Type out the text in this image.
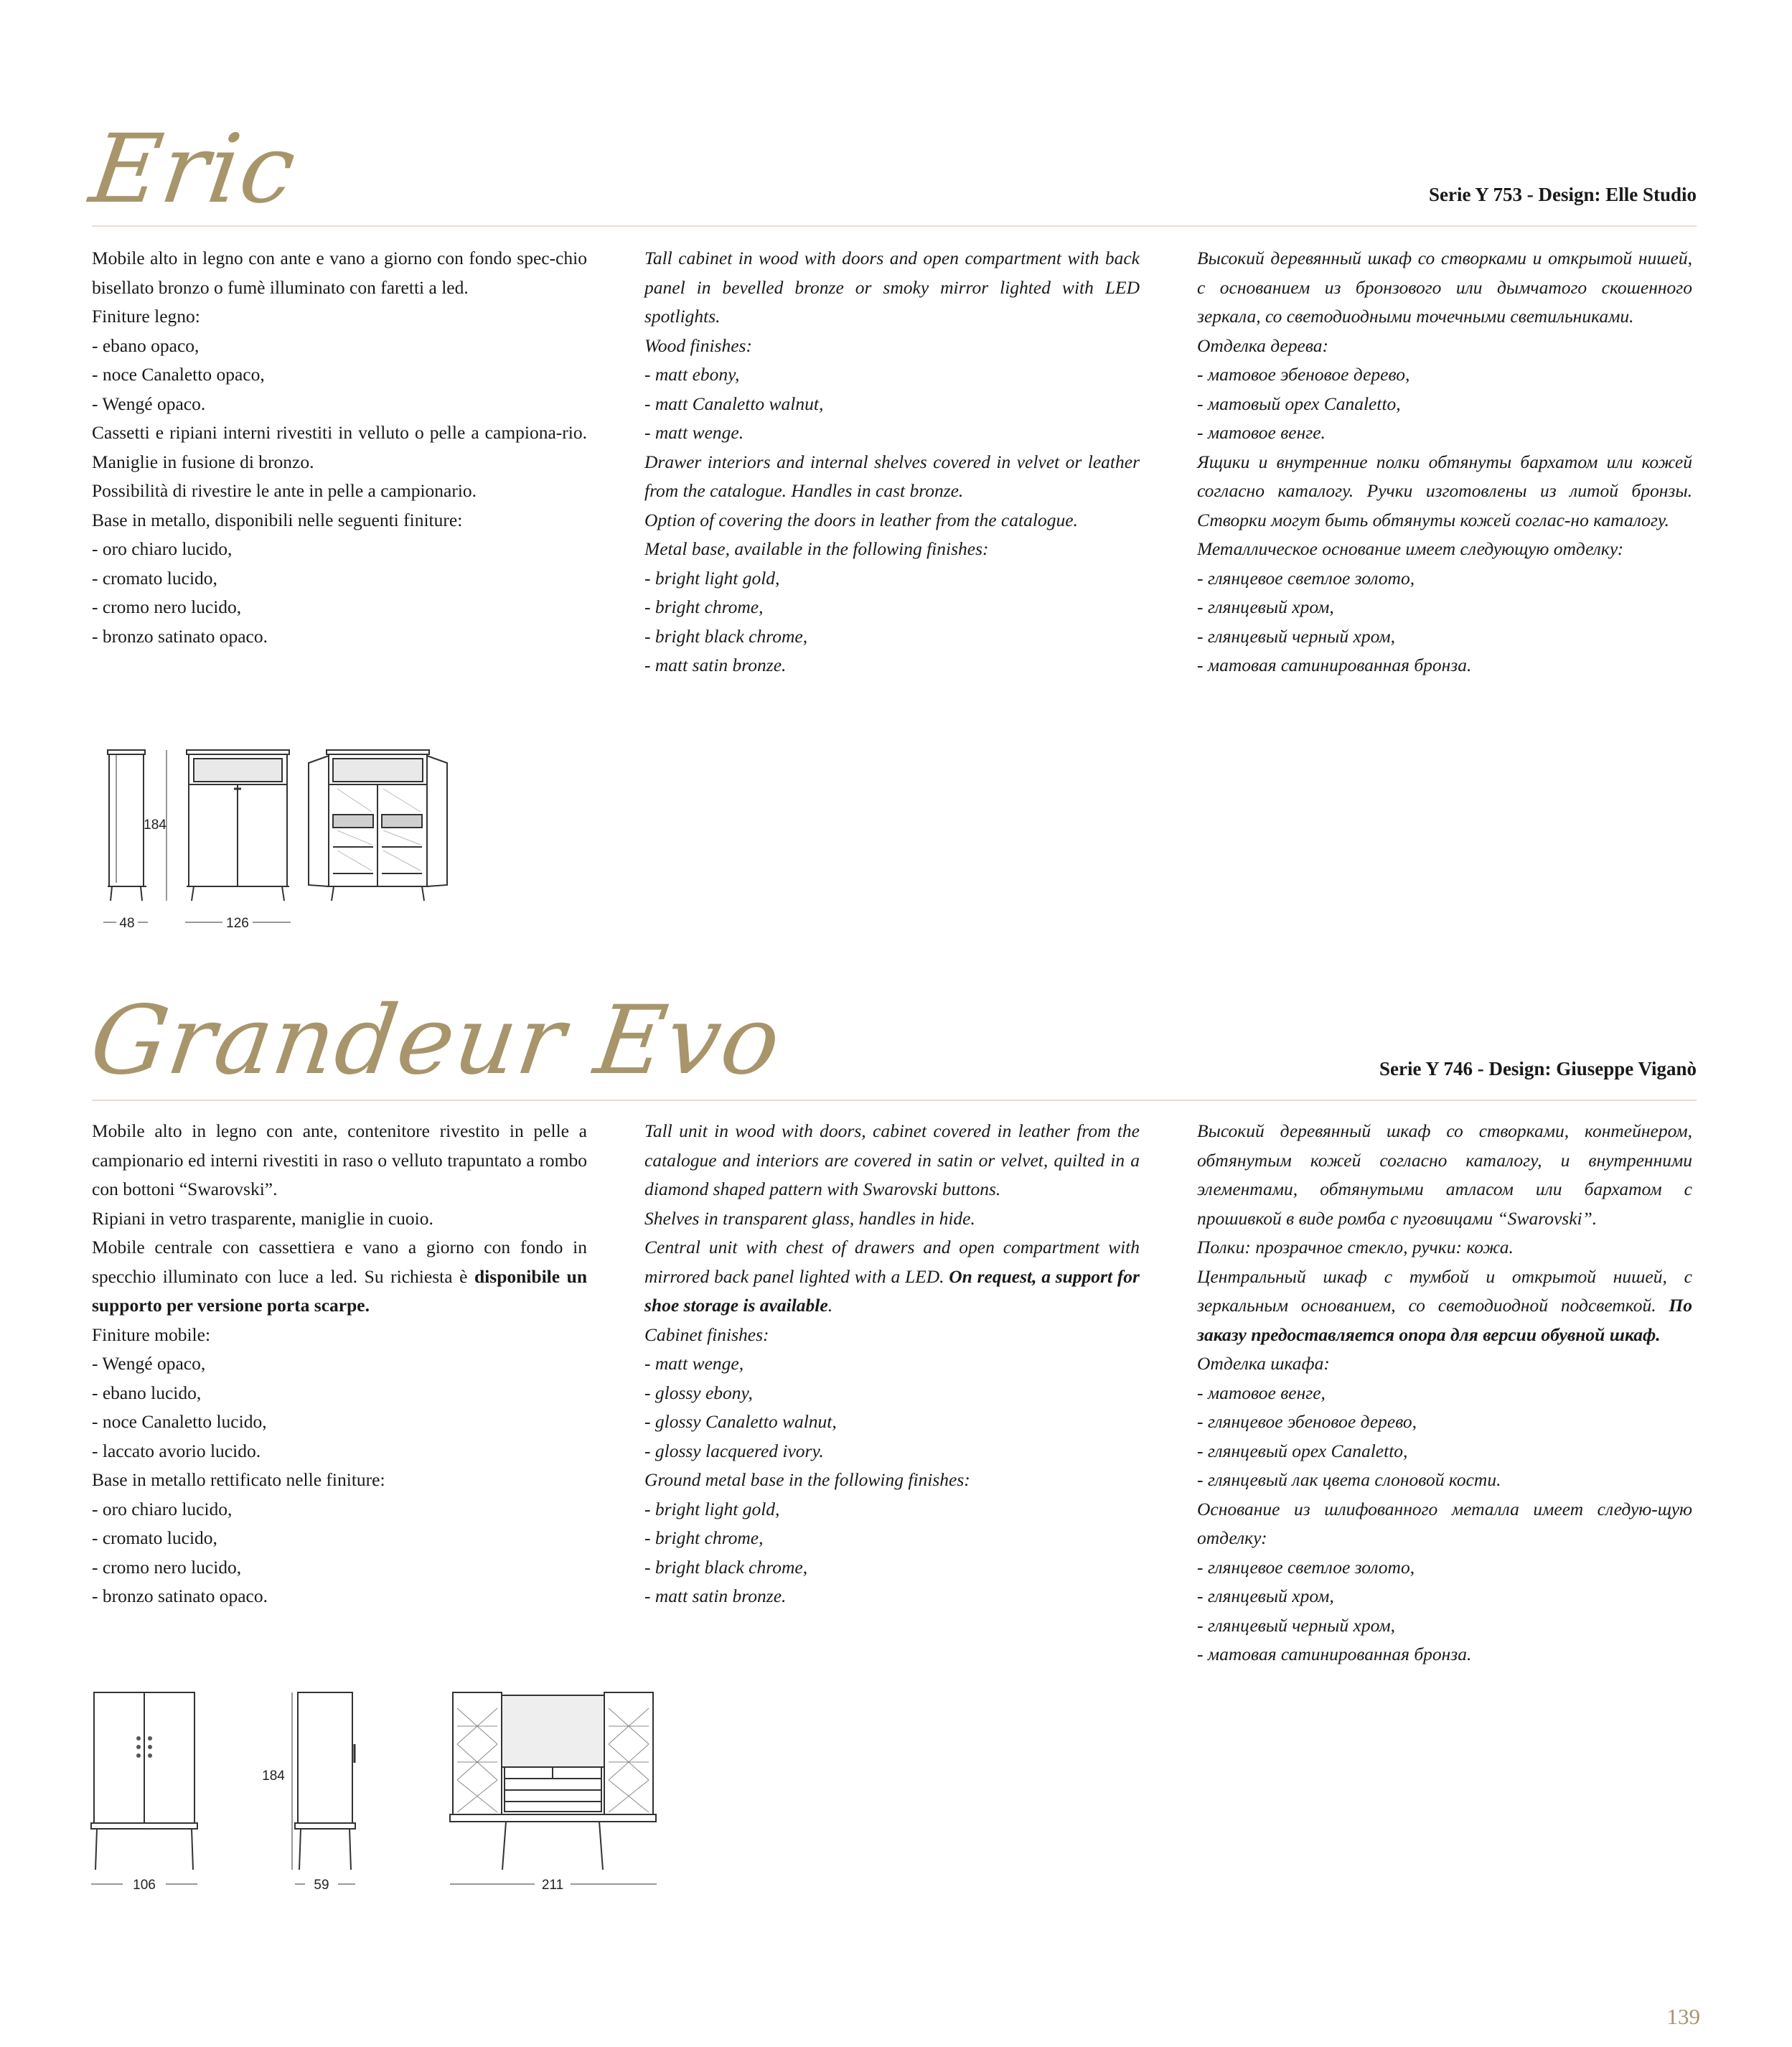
Eric	Serie Y 753 - Design: Elle Studio

Mobile alto in legno con ante e vano a giorno con fondo spec-chio bisellato bronzo o fumè illuminato con faretti a led.

Finiture legno:

- ebano opaco,

- noce Canaletto opaco,

- Wengé opaco.

Cassetti e ripiani interni rivestiti in velluto o pelle a campiona-rio. Maniglie in fusione di bronzo.

Possibilità di rivestire le ante in pelle a campionario.

Base in metallo, disponibili nelle seguenti finiture:

- oro chiaro lucido,

- cromato lucido,

- cromo nero lucido,

- bronzo satinato opaco.

Tall cabinet in wood with doors and open compartment with back panel in bevelled bronze or smoky mirror lighted with LED spotlights.

Wood finishes:

- matt ebony,

- matt Canaletto walnut,

- matt wenge.

Drawer interiors and internal shelves covered in velvet or leather from the catalogue. Handles in cast bronze.

Option of covering the doors in leather from the catalogue.

Metal base, available in the following finishes:

- bright light gold,

- bright chrome,

- bright black chrome,

- matt satin bronze.

Высокий деревянный шкаф со створками и открытой нишей, с основанием из бронзового или дымчатого скошенного зеркала, со светодиодными точечными светильниками.

Отделка дерева:

- матовое эбеновое дерево,

- матовый орех Canaletto,

- матовое венге.

Ящики и внутренние полки обтянуты бархатом или кожей согласно каталогу. Ручки изготовлены из литой бронзы. Створки могут быть обтянуты кожей соглас-но каталогу.

Металлическое основание имеет следующую отделку:

- глянцевое светлое золото,

- глянцевый хром,

- глянцевый черный хром,

- матовая сатинированная бронза.

184
48	126
Grandeur Evo	Serie Y 746 - Design: Giuseppe Viganò

Mobile alto in legno con ante, contenitore rivestito in pelle a campionario ed interni rivestiti in raso o velluto trapuntato a rombo con bottoni “Swarovski”.

Ripiani in vetro trasparente, maniglie in cuoio.

Mobile centrale con cassettiera e vano a giorno con fondo in specchio illuminato con luce a led. Su richiesta è disponibile un supporto per versione porta scarpe.

Finiture mobile:

- Wengé opaco,

- ebano lucido,

- noce Canaletto lucido,

- laccato avorio lucido.

Base in metallo rettificato nelle finiture:

- oro chiaro lucido,

- cromato lucido,

- cromo nero lucido,

- bronzo satinato opaco.

Tall unit in wood with doors, cabinet covered in leather from the catalogue and interiors are covered in satin or velvet, quilted in a diamond shaped pattern with Swarovski buttons.

Shelves in transparent glass, handles in hide.

Central unit with chest of drawers and open compartment with mirrored back panel lighted with a LED. On request, a support for shoe storage is available.

Cabinet finishes:

- matt wenge,

- glossy ebony,

- glossy Canaletto walnut,

- glossy lacquered ivory.

Ground metal base in the following finishes:

- bright light gold,

- bright chrome,

- bright black chrome,

- matt satin bronze.

Высокий деревянный шкаф со створками, контейнером, обтянутым кожей согласно каталогу, и внутренними элементами, обтянутыми атласом или бархатом с прошивкой в виде ромба с пуговицами “Swarovski”.

Полки: прозрачное стекло, ручки: кожа.

Центральный шкаф с тумбой и открытой нишей, с зеркальным основанием, со светодиодной подсветкой. По заказу предоставляется опора для версии обувной шкаф.

Отделка шкафа:

- матовое венге,

- глянцевое эбеновое дерево,

- глянцевый орех Canaletto,

- глянцевый лак цвета слоновой кости.

Основание из шлифованного металла имеет следую-щую отделку:

- глянцевое светлое золото,

- глянцевый хром,

- глянцевый черный хром,

- матовая сатинированная бронза.

106
184
59	211
139
